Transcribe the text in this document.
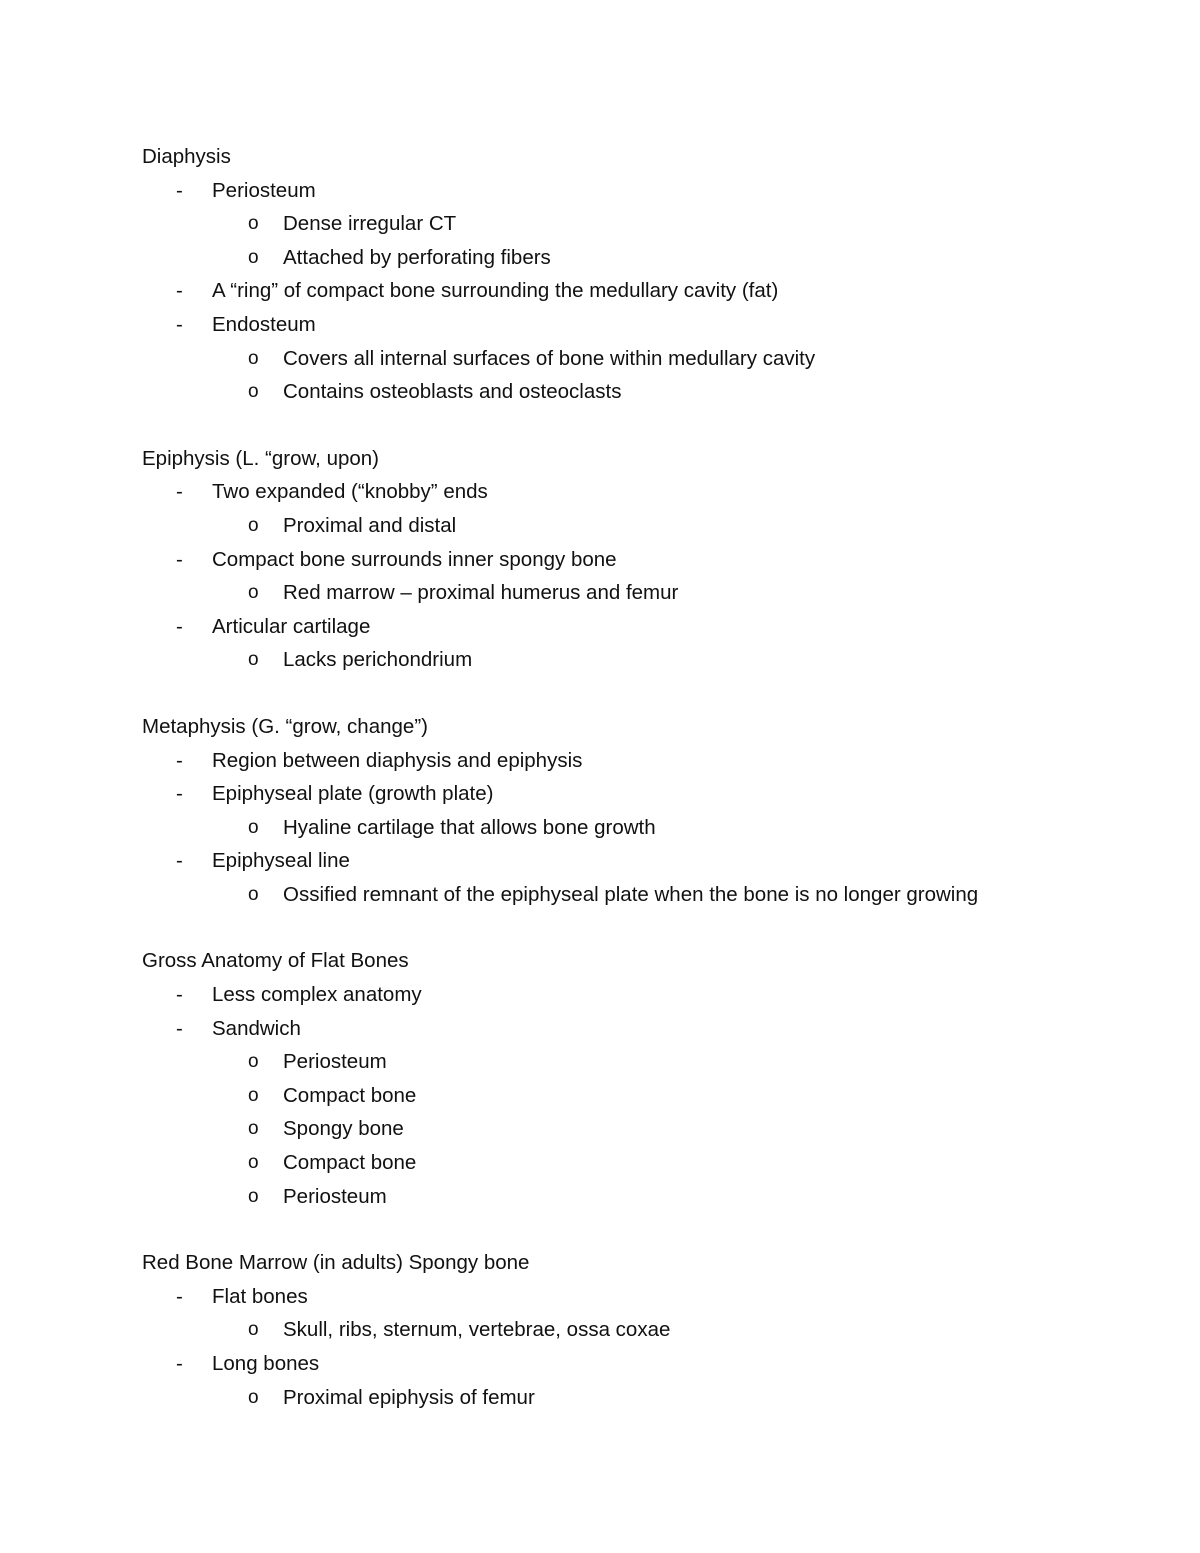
Diaphysis
- Periosteum
o Dense irregular CT
o Attached by perforating fibers
- A “ring” of compact bone surrounding the medullary cavity (fat)
- Endosteum
o Covers all internal surfaces of bone within medullary cavity
o Contains osteoblasts and osteoclasts
Epiphysis (L. “grow, upon)
- Two expanded (“knobby” ends
o Proximal and distal
- Compact bone surrounds inner spongy bone
o Red marrow – proximal humerus and femur
- Articular cartilage
o Lacks perichondrium
Metaphysis (G. “grow, change”)
- Region between diaphysis and epiphysis
- Epiphyseal plate (growth plate)
o Hyaline cartilage that allows bone growth
- Epiphyseal line
o Ossified remnant of the epiphyseal plate when the bone is no longer growing
Gross Anatomy of Flat Bones
- Less complex anatomy
- Sandwich
o Periosteum
o Compact bone
o Spongy bone
o Compact bone
o Periosteum
Red Bone Marrow (in adults) Spongy bone
- Flat bones
o Skull, ribs, sternum, vertebrae, ossa coxae
- Long bones
o Proximal epiphysis of femur
